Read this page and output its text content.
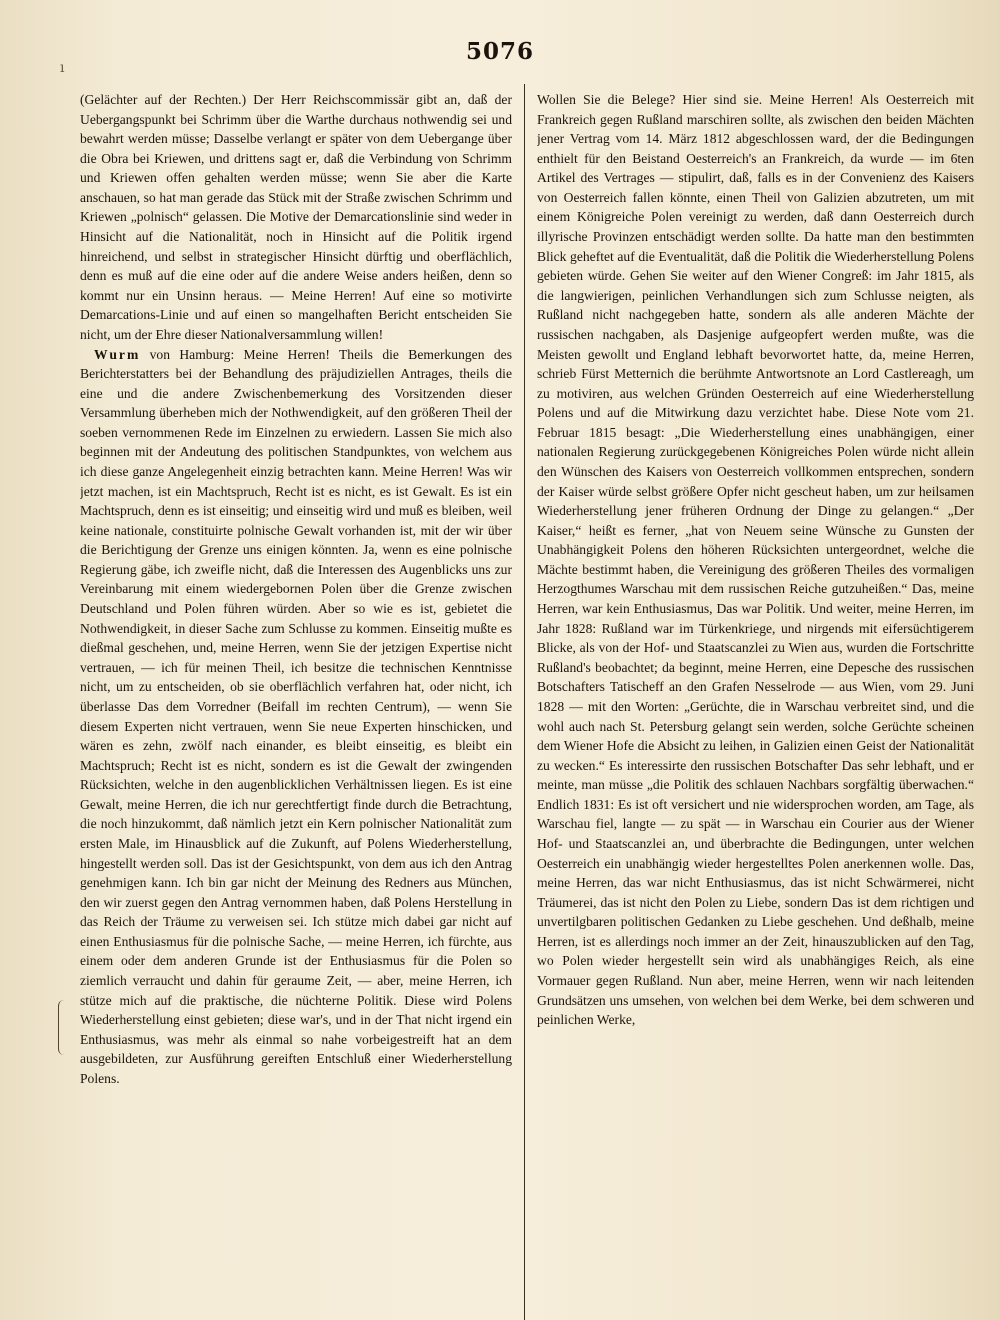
ı
5076

(Gelächter auf der Rechten.) Der Herr Reichscommissär gibt an, daß der Uebergangspunkt bei Schrimm über die Warthe durchaus nothwendig sei und bewahrt werden müsse; Dasselbe verlangt er später von dem Uebergange über die Obra bei Kriewen, und drittens sagt er, daß die Verbindung von Schrimm und Kriewen offen gehalten werden müsse; wenn Sie aber die Karte anschauen, so hat man gerade das Stück mit der Straße zwischen Schrimm und Kriewen „polnisch“ gelassen. Die Motive der Demarcationslinie sind weder in Hinsicht auf die Nationalität, noch in Hinsicht auf die Politik irgend hinreichend, und selbst in strategischer Hinsicht dürftig und oberflächlich, denn es muß auf die eine oder auf die andere Weise anders heißen, denn so kommt nur ein Unsinn heraus. — Meine Herren! Auf eine so motivirte Demarcations-Linie und auf einen so mangelhaften Bericht entscheiden Sie nicht, um der Ehre dieser Nationalversammlung willen!

Wurm von Hamburg: Meine Herren! Theils die Bemerkungen des Berichterstatters bei der Behandlung des präjudiziellen Antrages, theils die eine und die andere Zwischenbemerkung des Vorsitzenden dieser Versammlung überheben mich der Nothwendigkeit, auf den größeren Theil der soeben vernommenen Rede im Einzelnen zu erwiedern. Lassen Sie mich also beginnen mit der Andeutung des politischen Standpunktes, von welchem aus ich diese ganze Angelegenheit einzig betrachten kann. Meine Herren! Was wir jetzt machen, ist ein Machtspruch, Recht ist es nicht, es ist Gewalt. Es ist ein Machtspruch, denn es ist einseitig; und einseitig wird und muß es bleiben, weil keine nationale, constituirte polnische Gewalt vorhanden ist, mit der wir über die Berichtigung der Grenze uns einigen könnten. Ja, wenn es eine polnische Regierung gäbe, ich zweifle nicht, daß die Interessen des Augenblicks uns zur Vereinbarung mit einem wiedergebornen Polen über die Grenze zwischen Deutschland und Polen führen würden. Aber so wie es ist, gebietet die Nothwendigkeit, in dieser Sache zum Schlusse zu kommen. Einseitig mußte es dießmal geschehen, und, meine Herren, wenn Sie der jetzigen Expertise nicht vertrauen, — ich für meinen Theil, ich besitze die technischen Kenntnisse nicht, um zu entscheiden, ob sie oberflächlich verfahren hat, oder nicht, ich überlasse Das dem Vorredner (Beifall im rechten Centrum), — wenn Sie diesem Experten nicht vertrauen, wenn Sie neue Experten hinschicken, und wären es zehn, zwölf nach einander, es bleibt einseitig, es bleibt ein Machtspruch; Recht ist es nicht, sondern es ist die Gewalt der zwingenden Rücksichten, welche in den augenblicklichen Verhältnissen liegen. Es ist eine Gewalt, meine Herren, die ich nur gerechtfertigt finde durch die Betrachtung, die noch hinzukommt, daß nämlich jetzt ein Kern polnischer Nationalität zum ersten Male, im Hinausblick auf die Zukunft, auf Polens Wiederherstellung, hingestellt werden soll. Das ist der Gesichtspunkt, von dem aus ich den Antrag genehmigen kann. Ich bin gar nicht der Meinung des Redners aus München, den wir zuerst gegen den Antrag vernommen haben, daß Polens Herstellung in das Reich der Träume zu verweisen sei. Ich stütze mich dabei gar nicht auf einen Enthusiasmus für die polnische Sache, — meine Herren, ich fürchte, aus einem oder dem anderen Grunde ist der Enthusiasmus für die Polen so ziemlich verraucht und dahin für geraume Zeit, — aber, meine Herren, ich stütze mich auf die praktische, die nüchterne Politik. Diese wird Polens Wiederherstellung einst gebieten; diese war's, und in der That nicht irgend ein Enthusiasmus, was mehr als einmal so nahe vorbeigestreift hat an dem ausgebildeten, zur Ausführung gereiften Entschluß einer Wiederherstellung Polens.

Wollen Sie die Belege? Hier sind sie. Meine Herren! Als Oesterreich mit Frankreich gegen Rußland marschiren sollte, als zwischen den beiden Mächten jener Vertrag vom 14. März 1812 abgeschlossen ward, der die Bedingungen enthielt für den Beistand Oesterreich's an Frankreich, da wurde — im 6ten Artikel des Vertrages — stipulirt, daß, falls es in der Convenienz des Kaisers von Oesterreich fallen könnte, einen Theil von Galizien abzutreten, um mit einem Königreiche Polen vereinigt zu werden, daß dann Oesterreich durch illyrische Provinzen entschädigt werden sollte. Da hatte man den bestimmten Blick geheftet auf die Eventualität, daß die Politik die Wiederherstellung Polens gebieten würde. Gehen Sie weiter auf den Wiener Congreß: im Jahr 1815, als die langwierigen, peinlichen Verhandlungen sich zum Schlusse neigten, als Rußland nicht nachgegeben hatte, sondern als alle anderen Mächte der russischen nachgaben, als Dasjenige aufgeopfert werden mußte, was die Meisten gewollt und England lebhaft bevorwortet hatte, da, meine Herren, schrieb Fürst Metternich die berühmte Antwortsnote an Lord Castlereagh, um zu motiviren, aus welchen Gründen Oesterreich auf eine Wiederherstellung Polens und auf die Mitwirkung dazu verzichtet habe. Diese Note vom 21. Februar 1815 besagt: „Die Wiederherstellung eines unabhängigen, einer nationalen Regierung zurückgegebenen Königreiches Polen würde nicht allein den Wünschen des Kaisers von Oesterreich vollkommen entsprechen, sondern der Kaiser würde selbst größere Opfer nicht gescheut haben, um zur heilsamen Wiederherstellung jener früheren Ordnung der Dinge zu gelangen.“ „Der Kaiser,“ heißt es ferner, „hat von Neuem seine Wünsche zu Gunsten der Unabhängigkeit Polens den höheren Rücksichten untergeordnet, welche die Mächte bestimmt haben, die Vereinigung des größeren Theiles des vormaligen Herzogthumes Warschau mit dem russischen Reiche gutzuheißen.“ Das, meine Herren, war kein Enthusiasmus, Das war Politik. Und weiter, meine Herren, im Jahr 1828: Rußland war im Türkenkriege, und nirgends mit eifersüchtigerem Blicke, als von der Hof- und Staatscanzlei zu Wien aus, wurden die Fortschritte Rußland's beobachtet; da beginnt, meine Herren, eine Depesche des russischen Botschafters Tatischeff an den Grafen Nesselrode — aus Wien, vom 29. Juni 1828 — mit den Worten: „Gerüchte, die in Warschau verbreitet sind, und die wohl auch nach St. Petersburg gelangt sein werden, solche Gerüchte scheinen dem Wiener Hofe die Absicht zu leihen, in Galizien einen Geist der Nationalität zu wecken.“ Es interessirte den russischen Botschafter Das sehr lebhaft, und er meinte, man müsse „die Politik des schlauen Nachbars sorgfältig überwachen.“ Endlich 1831: Es ist oft versichert und nie widersprochen worden, am Tage, als Warschau fiel, langte — zu spät — in Warschau ein Courier aus der Wiener Hof- und Staatscanzlei an, und überbrachte die Bedingungen, unter welchen Oesterreich ein unabhängig wieder hergestelltes Polen anerkennen wolle. Das, meine Herren, das war nicht Enthusiasmus, das ist nicht Schwärmerei, nicht Träumerei, das ist nicht den Polen zu Liebe, sondern Das ist dem richtigen und unvertilgbaren politischen Gedanken zu Liebe geschehen. Und deßhalb, meine Herren, ist es allerdings noch immer an der Zeit, hinauszublicken auf den Tag, wo Polen wieder hergestellt sein wird als unabhängiges Reich, als eine Vormauer gegen Rußland. Nun aber, meine Herren, wenn wir nach leitenden Grundsätzen uns umsehen, von welchen bei dem Werke, bei dem schweren und peinlichen Werke,
